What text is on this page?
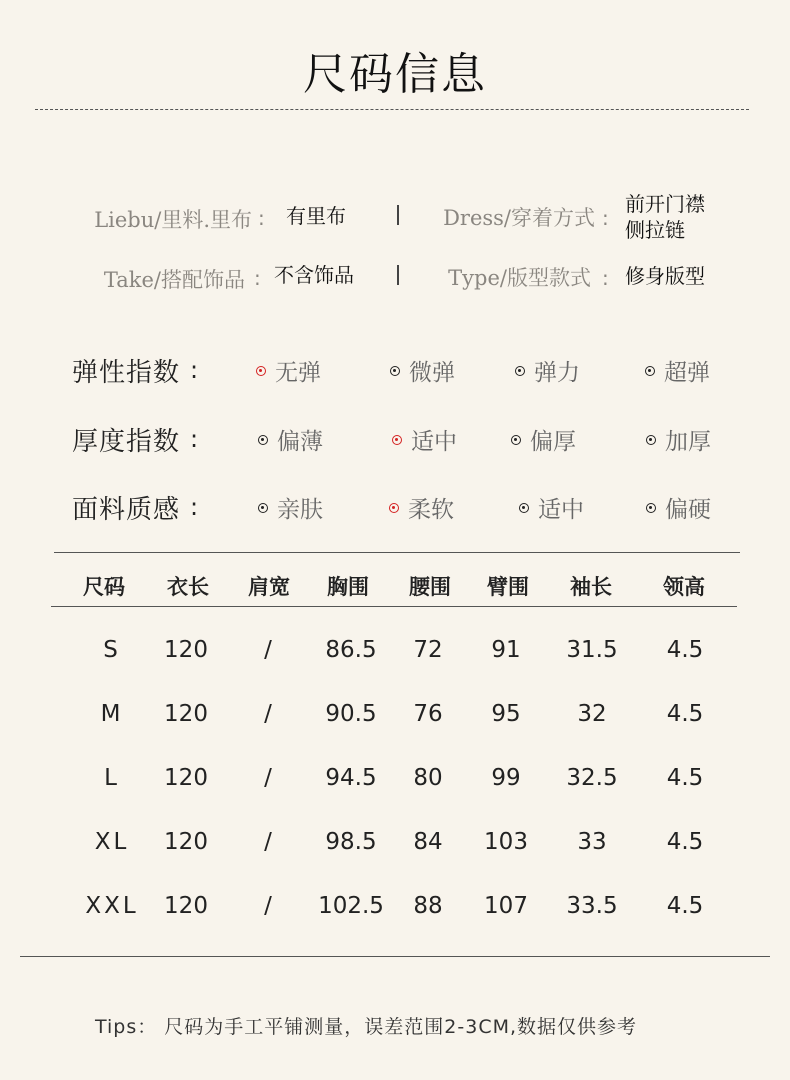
尺码信息
Liebu/里料.里布 : 有里布	Dress/穿着方式 :
前开门襟
侧拉链
Take/搭配饰品 : 不含饰品	Type/版型款式 : 修身版型
弹性指数 :	无弹	微弹	弹力	超弹
厚度指数 :	偏薄	适中	偏厚	加厚
面料质感 :	亲肤	柔软	适中	偏硬
尺码	衣长	肩宽	胸围	腰围	臂围	袖长	领高
S	120	/	86.5	72	91	31.5	4.5
M	120	/	90.5	76	95	32	4.5
L	120	/	94.5	80	99	32.5	4.5
XL	120	/	98.5	84	103	33	4.5
XXL	120	/	102.5	88	107	33.5	4.5
Tips： 尺码为手工平铺测量，误差范围2-3CM,数据仅供参考
